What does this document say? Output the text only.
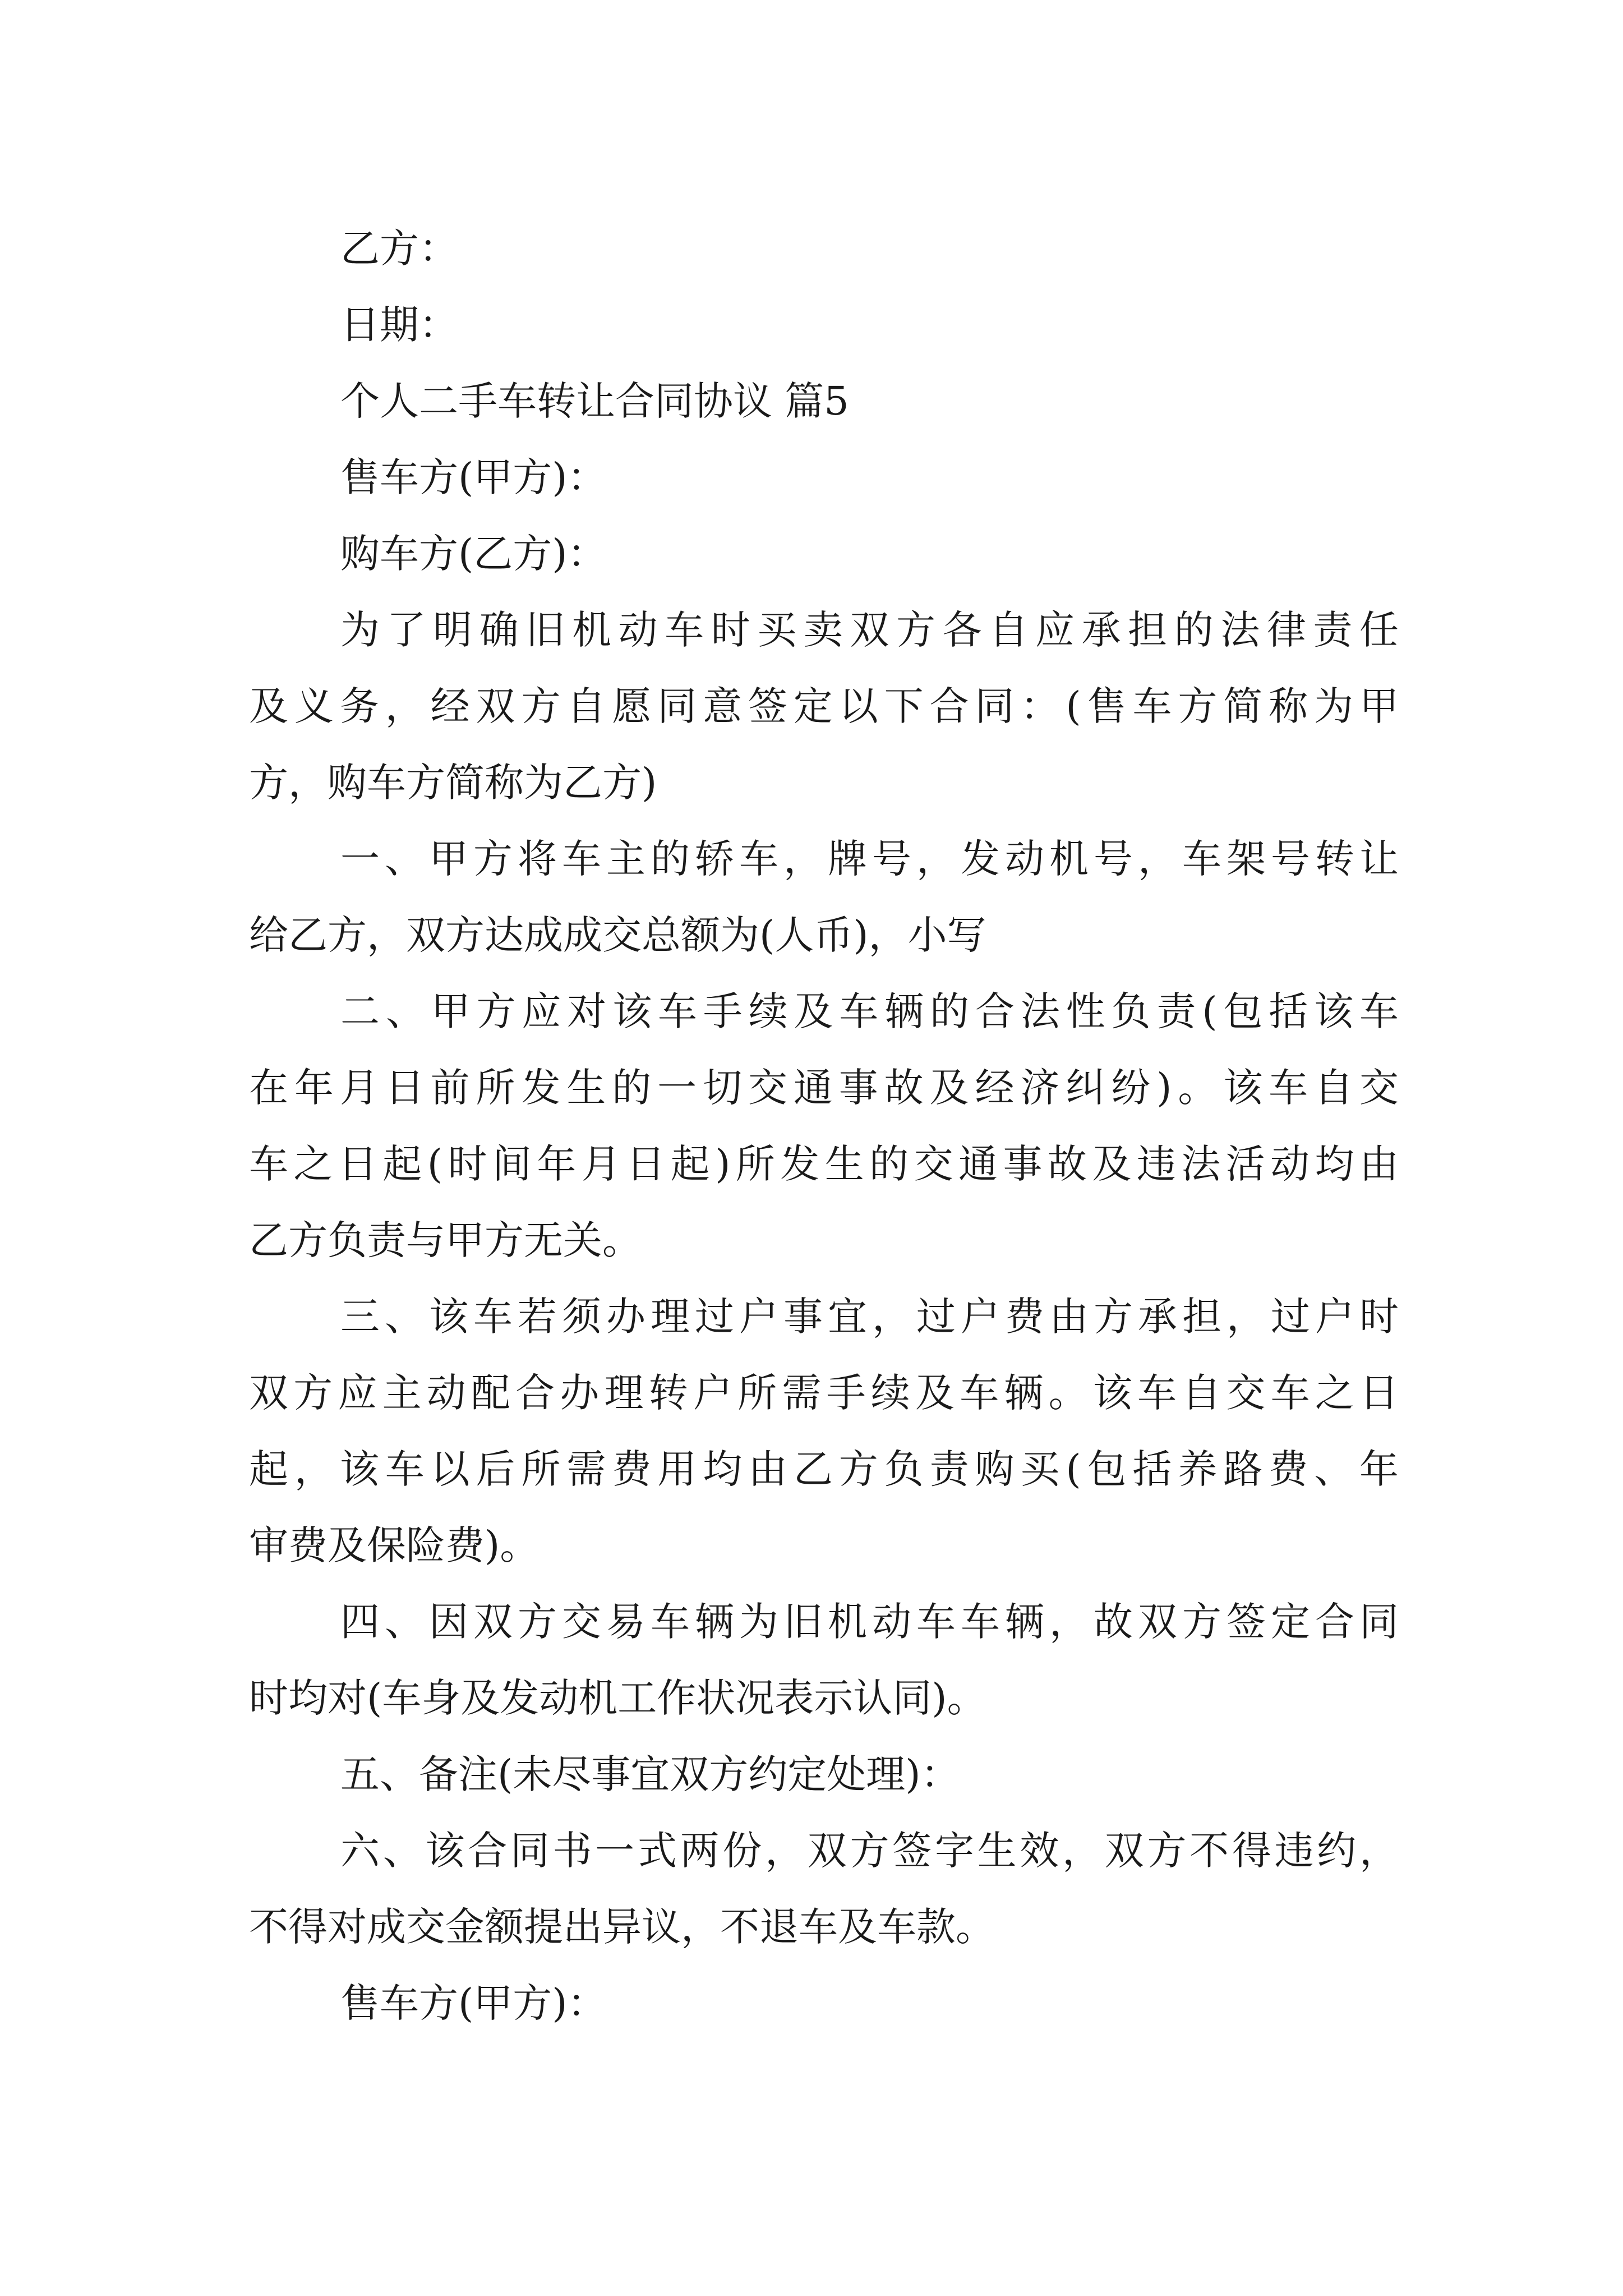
乙方：

日期：

个人二手车转让合同协议 篇5

售车方(甲方)：

购车方(乙方)：

为了明确旧机动车时买卖双方各自应承担的法律责任

及义务，经双方自愿同意签定以下合同：(售车方简称为甲

方，购车方简称为乙方)

一、甲方将车主的轿车，牌号，发动机号，车架号转让

给乙方，双方达成成交总额为(人币)，小写

二、甲方应对该车手续及车辆的合法性负责(包括该车

在年月日前所发生的一切交通事故及经济纠纷)。该车自交

车之日起(时间年月日起)所发生的交通事故及违法活动均由

乙方负责与甲方无关。

三、该车若须办理过户事宜，过户费由方承担，过户时

双方应主动配合办理转户所需手续及车辆。该车自交车之日

起，该车以后所需费用均由乙方负责购买(包括养路费、年

审费及保险费)。

四、因双方交易车辆为旧机动车车辆，故双方签定合同

时均对(车身及发动机工作状况表示认同)。

五、备注(未尽事宜双方约定处理)：

六、该合同书一式两份，双方签字生效，双方不得违约，

不得对成交金额提出异议，不退车及车款。

售车方(甲方)：
